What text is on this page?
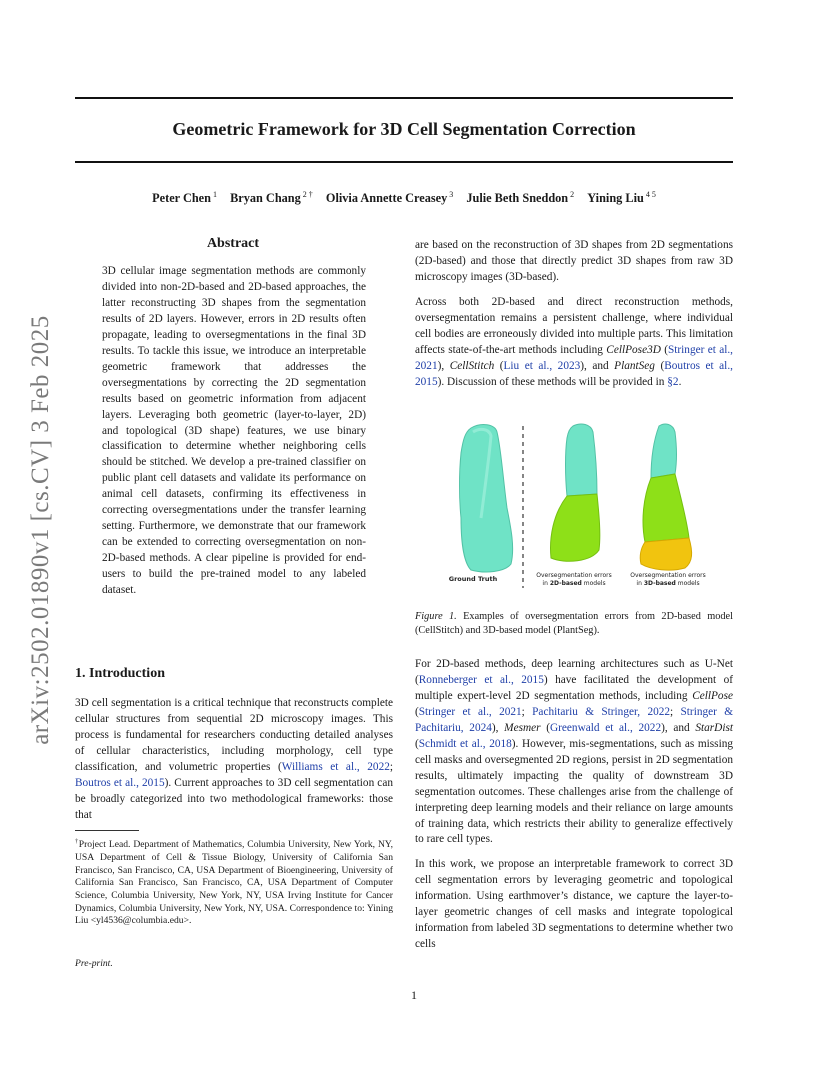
Geometric Framework for 3D Cell Segmentation Correction
Peter Chen $^1$ Bryan Chang $^{2 \dagger}$ Olivia Annette Creasey $^3$ Julie Beth Sneddon $^2$ Yining Liu $^{4 5}$
arXiv:2502.01890v1 [cs.CV] 3 Feb 2025
Abstract

3D cellular image segmentation methods are commonly divided into non-2D-based and 2D-based approaches, the latter reconstructing 3D shapes from the segmentation results of 2D layers. However, errors in 2D results often propagate, leading to oversegmentations in the final 3D results. To tackle this issue, we introduce an interpretable geometric framework that addresses the oversegmentations by correcting the 2D segmentation results based on geometric information from adjacent layers. Leveraging both geometric (layer-to-layer, 2D) and topological (3D shape) features, we use binary classification to determine whether neighboring cells should be stitched. We develop a pre-trained classifier on public plant cell datasets and validate its performance on animal cell datasets, confirming its effectiveness in correcting oversegmentations under the transfer learning setting. Furthermore, we demonstrate that our framework can be extended to correcting oversegmentation on non-2D-based methods. A clear pipeline is provided for end-users to build the pre-trained model to any labeled dataset.

1. Introduction

3D cell segmentation is a critical technique that reconstructs complete cellular structures from sequential 2D microscopy images. This process is fundamental for researchers conducting detailed analyses of cellular characteristics, including morphology, cell type classification, and volumetric properties (Williams et al., 2022; Boutros et al., 2015). Current approaches to 3D cell segmentation can be broadly categorized into two methodological frameworks: those that

†Project Lead. Department of Mathematics, Columbia University, New York, NY, USA Department of Cell & Tissue Biology, University of California San Francisco, San Francisco, CA, USA Department of Bioengineering, University of California San Francisco, San Francisco, CA, USA Department of Computer Science, Columbia University, New York, NY, USA Irving Institute for Cancer Dynamics, Columbia University, New York, NY, USA. Correspondence to: Yining Liu <yl4536@columbia.edu>.
Pre-print.

are based on the reconstruction of 3D shapes from 2D segmentations (2D-based) and those that directly predict 3D shapes from raw 3D microscopy images (3D-based).

Across both 2D-based and direct reconstruction methods, oversegmentation remains a persistent challenge, where individual cell bodies are erroneously divided into multiple parts. This limitation affects state-of-the-art methods including CellPose3D (Stringer et al., 2021), CellStitch (Liu et al., 2023), and PlantSeg (Boutros et al., 2015). Discussion of these methods will be provided in §2.

Ground Truth	Oversegmentation errors in 2D-based models
Oversegmentation errors in 3D-based models
Figure 1. Examples of oversegmentation errors from 2D-based model (CellStitch) and 3D-based model (PlantSeg).

For 2D-based methods, deep learning architectures such as U-Net (Ronneberger et al., 2015) have facilitated the development of multiple expert-level 2D segmentation methods, including CellPose (Stringer et al., 2021; Pachitariu & Stringer, 2022; Stringer & Pachitariu, 2024), Mesmer (Greenwald et al., 2022), and StarDist (Schmidt et al., 2018). However, mis-segmentations, such as missing cell masks and oversegmented 2D regions, persist in 2D segmentation results, ultimately impacting the quality of downstream 3D segmentation outcomes. These challenges arise from the challenge of interpreting deep learning models and their reliance on large amounts of training data, which restricts their ability to generalize effectively to rare cell types.

In this work, we propose an interpretable framework to correct 3D cell segmentation errors by leveraging geometric and topological information. Using earthmover’s distance, we capture the layer-to-layer geometric changes of cell masks and integrate topological information from labeled 3D segmentations to determine whether two cells

1
